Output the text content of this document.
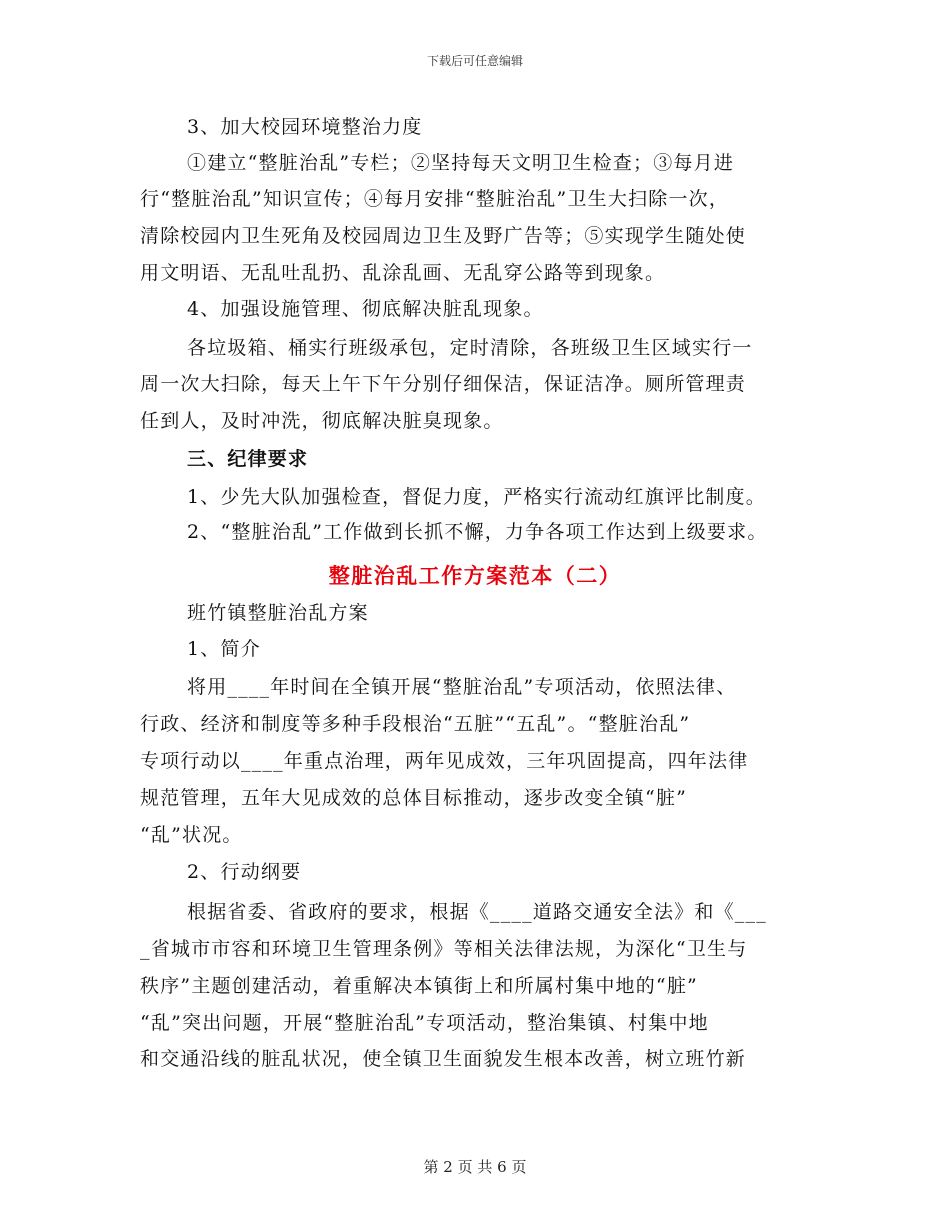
下载后可任意编辑
3、加大校园环境整治力度
①建立“整脏治乱”专栏；②坚持每天文明卫生检查；③每月进
行“整脏治乱”知识宣传；④每月安排“整脏治乱”卫生大扫除一次，
清除校园内卫生死角及校园周边卫生及野广告等；⑤实现学生随处使
用文明语、无乱吐乱扔、乱涂乱画、无乱穿公路等到现象。
4、加强设施管理、彻底解决脏乱现象。
各垃圾箱、桶实行班级承包，定时清除，各班级卫生区域实行一
周一次大扫除，每天上午下午分别仔细保洁，保证洁净。厕所管理责
任到人，及时冲洗，彻底解决脏臭现象。
三、纪律要求
1、少先大队加强检查，督促力度，严格实行流动红旗评比制度。
2、“整脏治乱”工作做到长抓不懈，力争各项工作达到上级要求。
整脏治乱工作方案范本（二）
班竹镇整脏治乱方案
1、简介
将用____年时间在全镇开展“整脏治乱”专项活动，依照法律、
行政、经济和制度等多种手段根治“五脏”“五乱”。“整脏治乱”
专项行动以____年重点治理，两年见成效，三年巩固提高，四年法律
规范管理，五年大见成效的总体目标推动，逐步改变全镇“脏”
“乱”状况。
2、行动纲要
根据省委、省政府的要求，根据《____道路交通安全法》和《___
_省城市市容和环境卫生管理条例》等相关法律法规，为深化“卫生与
秩序”主题创建活动，着重解决本镇街上和所属村集中地的“脏”
“乱”突出问题，开展“整脏治乱”专项活动，整治集镇、村集中地
和交通沿线的脏乱状况，使全镇卫生面貌发生根本改善，树立班竹新
第 2 页 共 6 页
